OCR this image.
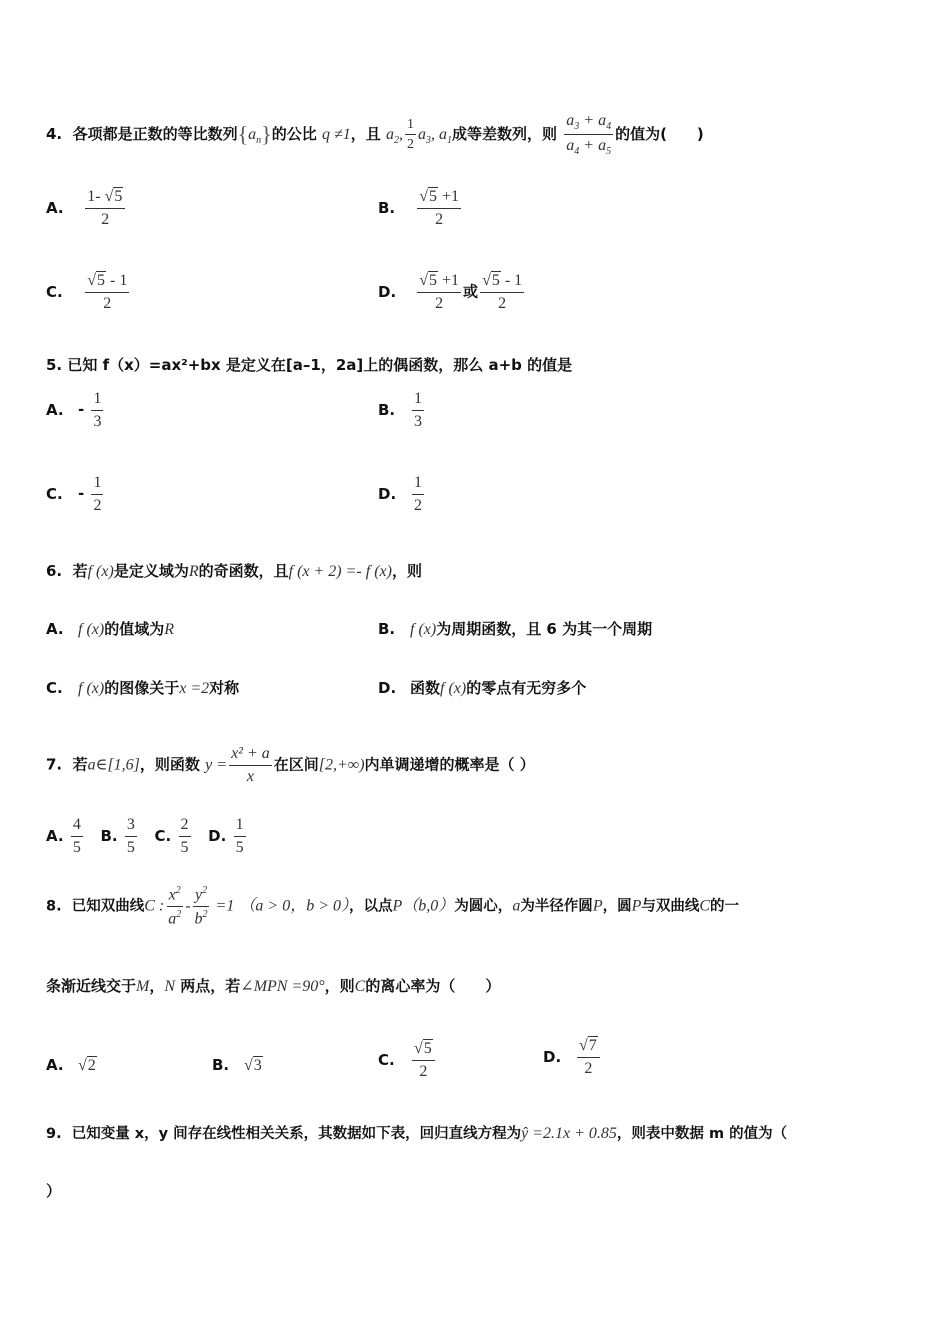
4. 各项都是正数的等比数列$\{a_n\}$的公比 q ≠1，且 $a_2$, $\frac{1}{2} a_3$, $a_1$成等差数列，则 $\frac{a_3 + a_4}{a_4 + a_5}$ 的值为(　　)
A. $\frac{1- √5}{2}$	B. $\frac{√5 +1}{2}$
C. $\frac{√5 - 1}{2}$	D. $\frac{√5 +1}{2}$ 或 $\frac{√5 - 1}{2}$
5. 已知 f（x）=ax²+bx 是定义在[a–1，2a]上的偶函数，那么 a+b 的值是
A. - $\frac{1}{3}$	B. $\frac{1}{3}$
C. - $\frac{1}{2}$	D. $\frac{1}{2}$
6. 若f (x)是定义域为R的奇函数，且f (x + 2) =- f (x)，则
A. f (x)的值域为R	B. f (x)为周期函数，且 6 为其一个周期
C. f (x)的图像关于x =2对称	D. 函数f (x)的零点有无穷多个
7. 若a∈[1,6]，则函数 $y = \frac{\text{x² + a}}{x}$ 在区间[2,+∞)内单调递增的概率是（ ）
A. $\frac{4}{5} B$. $\frac{3}{5} C$. $\frac{2}{5} D$. $\frac{1}{5}$
8. 已知双曲线C : $\frac{x^2}{a^2} - \frac{y^2}{b^2} =1$ （a > 0，b > 0），以点P（b,0）为圆心，a为半径作圆P，圆P与双曲线C的一
条渐近线交于M，N 两点，若∠MPN =90°，则C的离心率为（　　）
A. √2	B. √3	C. $\frac{√5}{2}$	D. $\frac{√7}{2}$
9. 已知变量 x，y 间存在线性相关关系，其数据如下表，回归直线方程为ŷ =2.1x + 0.85，则表中数据 m 的值为（
）
